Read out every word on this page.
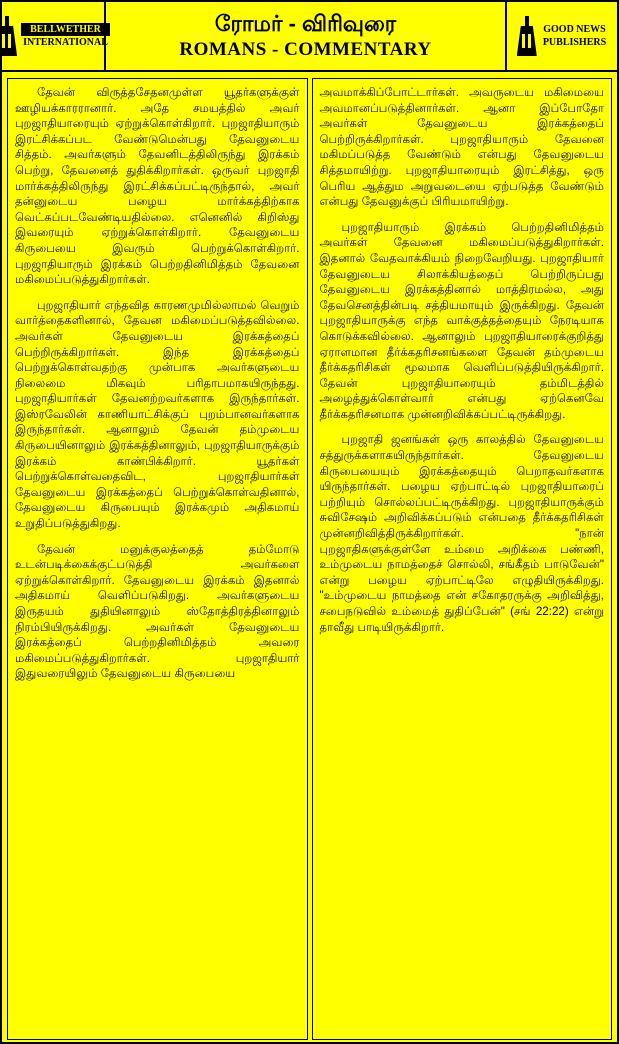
BELLWETHER
INTERNATIONAL
ரோமர் - விரிவுரை
ROMANS - COMMENTARY
GOOD NEWS
PUBLISHERS

தேவன் விருத்தசேதனமுள்ள யூதர்களுக்குள் ஊழியக்காரரானார். அதே சமயத்தில் அவர் புறஜாதியாரையும் ஏற்றுக்கொள்கிறார். புறஜாதியாரும் இரட்சிக்கப்பட வேண்டுமென்பது தேவனுடைய சித்தம். அவர்களும் தேவனிடத்திலிருந்து இரக்கம் பெற்று, தேவனைத் துதிக்கிறார்கள். ஒருவர் புறஜாதி மார்க்கத்திலிருந்து இரட்சிக்கப்பட்டிருந்தால், அவர் தன்னுடைய பழைய மார்க்கத்திற்காக வெட்கப்படவேண்டியதில்லை. எனெனில் கிறிஸ்து இவரையும் ஏற்றுக்கொள்கிறார். தேவனுடைய கிருபையை இவரும் பெற்றுக்கொள்கிறார். புறஜாதியாரும் இரக்கம் பெற்றதினிமித்தம் தேவனை மகிமைப்படுத்துகிறார்கள்.

புறஜாதியார் எந்தவித காரணமுமில்லாமல் வெறும் வார்த்தைகளினால், தேவன மகிமைப்படுத்தவில்லை. அவர்கள் தேவனுடைய இரக்கத்தைப் பெற்றிருக்கிறார்கள். இந்த இரக்கத்தைப் பெற்றுக்கொள்வதற்கு முன்பாக அவர்களுடைய நிலைமை மிகவும் பரிதாபமாகயிருந்தது. புறஜாதியார்கள் தேவனற்றவர்களாக இருந்தார்கள். இஸ்ரவேலின் காணியாட்சிக்குப் புறம்பானவர்களாக இருந்தார்கள். ஆனாலும் தேவன் தம்முடைய கிருபையினாலும் இரக்கத்தினாலும், புறஜாதியாருக்கும் இரக்கம் காண்பிக்கிறார். யூதர்கள் பெற்றுக்கொள்வதைவிட, புறஜாதியார்கள் தேவனுடைய இரக்கத்தைப் பெற்றுக்கொள்வதினால், தேவனுடைய கிருபையும் இரக்கமும் அதிகமாய் உறுதிப்படுத்துகிறது.

தேவன் மனுக்குலத்தைத் தம்மோடு உடன்படிக்கைக்குட்படுத்தி அவர்களை ஏற்றுக்கொள்கிறார். தேவனுடைய இரக்கம் இதனால் அதிகமாய் வெளிப்படுகிறது. அவர்களுடைய இருதயம் துதியினாலும் ஸ்தோத்திரத்தினாலும் நிரம்பியிருக்கிறது. அவர்கள் தேவனுடைய இரக்கத்தைப் பெற்றதினிமித்தம் அவரை மகிமைப்படுத்துகிறார்கள். புறஜாதியார் இதுவரையிலும் தேவனுடைய கிருபையை

அவமாக்கிப்போட்டார்கள். அவருடைய மகிமையை அவமானப்படுத்தினார்கள். ஆனா இப்போதோ அவர்கள் தேவனுடைய இரக்கத்தைப் பெற்றிருக்கிறார்கள். புறஜாதியாரும் தேவனை மகிமப்படுத்த வேண்டும் என்பது தேவனுடைய சித்தமாயிற்று. புறஜாதியாரையும் இரட்சித்து, ஒரு பெரிய ஆத்தும அறுவடையை ஏற்படுத்த வேண்டும் என்பது தேவனுக்குப் பிரியமாயிற்று.

புறஜாதியாரும் இரக்கம் பெற்றதினிமித்தம் அவர்கள் தேவனை மகிமைப்படுத்துகிறார்கள். இதனால் வேதவாக்கியம் நிறைவேறியது. புறஜாதியார் தேவனுடைய சிலாக்கியத்தைப் பெற்றிருப்பது தேவனுடைய இரக்கத்தினால் மாத்திரமல்ல, அது தேவசெனத்தின்படி சத்தியமாயும் இருக்கிறது. தேவன் புறஜாதியாருக்கு எந்த வாக்குத்தத்தையும் நேரடியாக கொடுக்கவில்லை. ஆனாலும் புறஜாதியாரைக்குறித்து ஏராளமான தீர்க்கதரிசனங்களை தேவன் தம்முடைய தீர்க்கதரிசிகள் மூலமாக வெளிப்படுத்தியிருக்கிறார். தேவன் புறஜாதியாரையும் தம்மிடத்தில் அழைத்துக்கொள்வார் என்பது ஏற்கெனவே தீர்க்கதரிசனமாக முன்னறிவிக்கப்பட்டிருக்கிறது.

புறஜாதி ஜனங்கள் ஒரு காலத்தில் தேவனுடைய சத்துருக்களாகயிருந்தார்கள். தேவனுடைய கிருபையையும் இரக்கத்தையும் பெறாதவர்களாக யிருந்தார்கள். பழைய ஏற்பாட்டில் புறஜாதியாரைப் பற்றியும் சொல்லப்பட்டிருக்கிறது. புறஜாதியாருக்கும் சுவிசேஷம் அறிவிக்கப்படும் என்பதை தீர்க்கதரிசிகள் முன்னறிவித்திருக்கிறார்கள். "நான் புறஜாதிகளுக்குள்ளே உம்மை அறிக்கை பண்ணி, உம்முடைய நாமத்தைச் சொல்லி, சங்கீதம் பாடுவேன்" என்று பழைய ஏற்பாட்டிலே எழுதியிருக்கிறது. "உம்முடைய நாமத்தை என் சகோதரருக்கு அறிவித்து, சபைநடுவில் உம்மைத் துதிப்பேன்" (சங் 22:22) என்று தாவீது பாடியிருக்கிறார்.
